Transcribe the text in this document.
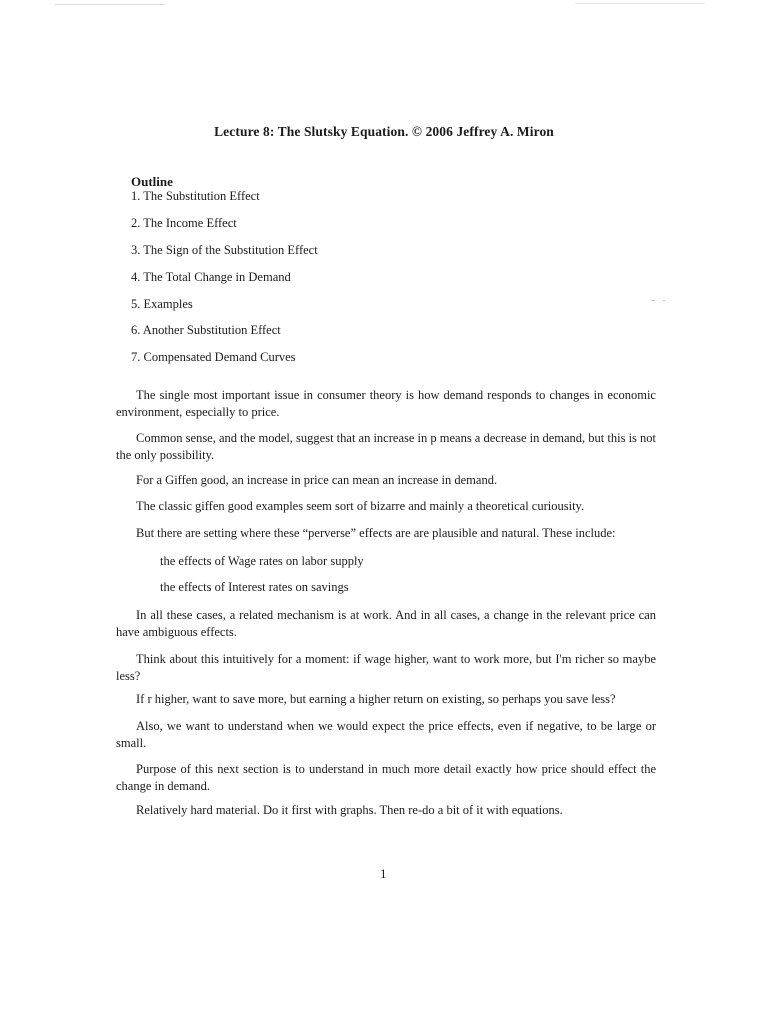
Lecture 8: The Slutsky Equation. © 2006 Jeffrey A. Miron
Outline
1. The Substitution Effect
2. The Income Effect
3. The Sign of the Substitution Effect
4. The Total Change in Demand
5. Examples
6. Another Substitution Effect
7. Compensated Demand Curves
The single most important issue in consumer theory is how demand responds to changes in economic environment, especially to price.
Common sense, and the model, suggest that an increase in p means a decrease in demand, but this is not the only possibility.
For a Giffen good, an increase in price can mean an increase in demand.
The classic giffen good examples seem sort of bizarre and mainly a theoretical curiousity.
But there are setting where these “perverse” effects are are plausible and natural. These include:
the effects of Wage rates on labor supply
the effects of Interest rates on savings
In all these cases, a related mechanism is at work. And in all cases, a change in the relevant price can have ambiguous effects.
Think about this intuitively for a moment: if wage higher, want to work more, but I'm richer so maybe less?
If r higher, want to save more, but earning a higher return on existing, so perhaps you save less?
Also, we want to understand when we would expect the price effects, even if negative, to be large or small.
Purpose of this next section is to understand in much more detail exactly how price should effect the change in demand.
Relatively hard material. Do it first with graphs. Then re-do a bit of it with equations.
1
